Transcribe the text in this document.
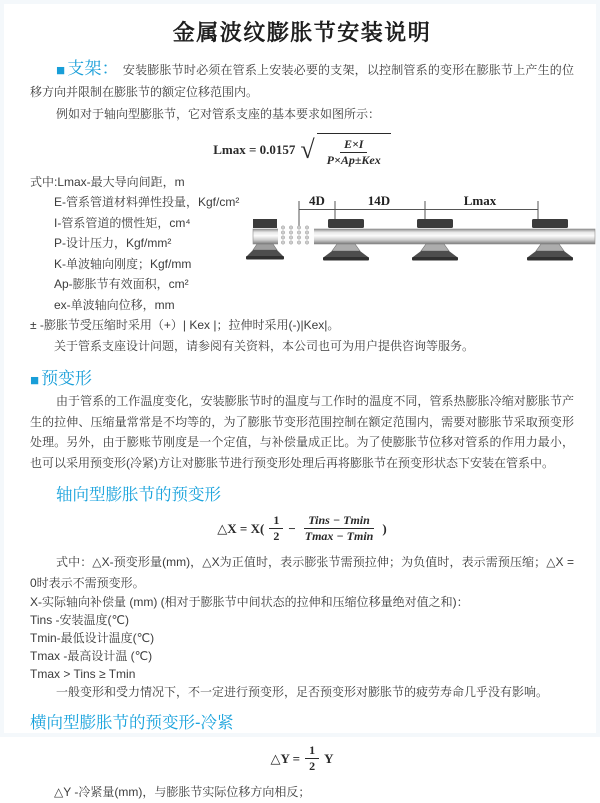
金属波纹膨胀节安装说明

■ 支架： 安装膨胀节时必须在管系上安装必要的支架，以控制管系的变形在膨胀节上产生的位移方向并限制在膨胀节的额定位移范围内。

例如对于轴向型膨胀节，它对管系支座的基本要求如图所示：

Lmax = 0.0157 √ $\frac{E\times I}{\text{P×Ap±Kex}}$
式中:Lmax-最大导向间距，m
E-管系管道材料弹性投量，Kgf/cm²
I-管系管道的惯性矩，cm⁴
P-设计压力，Kgf/mm²
K-单波轴向刚度；Kgf/mm
Ap-膨胀节有效面积，cm²
ex-单波轴向位移，mm
± -膨胀节受压缩时采用（+）| Kex |；拉伸时采用(-)|Kex|。
关于管系支座设计问题，请参阅有关资料，本公司也可为用户提供咨询等服务。
■ 预变形

由于管系的工作温度变化，安装膨胀节时的温度与工作时的温度不同，管系热膨胀冷缩对膨胀节产生的拉伸、压缩量常常是不均等的，为了膨胀节变形范围控制在额定范围内，需要对膨胀节采取预变形处理。另外，由于膨账节刚度是一个定值，与补偿量成正比。为了使膨胀节位移对管系的作用力最小，也可以采用预变形(冷紧)方让对膨胀节进行预变形处理后再将膨胀节在预变形状态下安装在管系中。

轴向型膨胀节的预变形
△X = $X( \frac{1}{2} - \frac{\text{Tins − Tmin}}{Tmax - Tmin}$ )

式中：△X-预变形量(mm)，△X为正值时，表示膨张节需预拉伸；为负值时，表示需预压缩；△X = 0时表示不需预变形。

X-实际轴向补偿量 (mm) (相对于膨胀节中间状态的拉伸和压缩位移量绝对值之和)：
Tins -安装温度(℃)
Tmin-最低设计温度(℃)
Tmax -最高设计温 (℃)
Tmax > Tins ≥ Tmin
一般变形和受力情况下，不一定进行预变形，足否预变形对膨胀节的疲劳寿命几乎没有影响。
横向型膨胀节的预变形-冷紧
△Y = $\frac{1}{2}$ Y

△Y -冷紧量(mm)，与膨胀节实际位移方向相反；

4D	14D	Lmax
